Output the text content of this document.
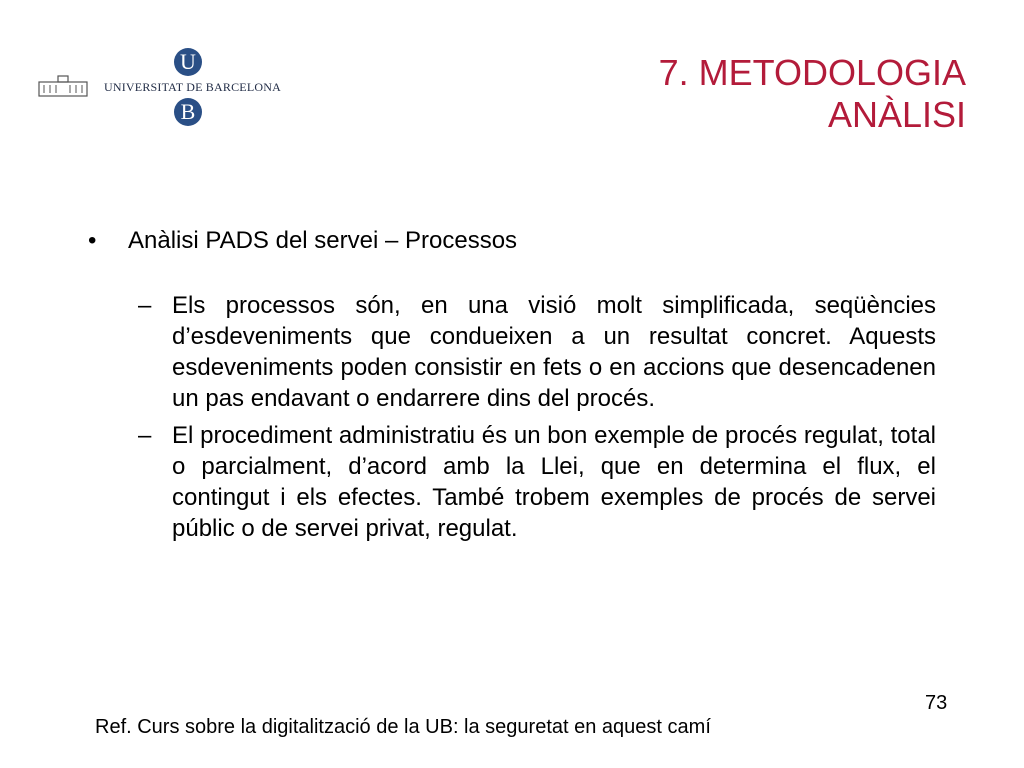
U
UNIVERSITAT DE BARCELONA
B
7. METODOLOGIA
ANÀLISI
•	Anàlisi PADS del servei – Processos
– Els processos són, en una visió molt simplificada, seqüències d’esdeveniments que condueixen a un resultat concret. Aquests esdeveniments poden consistir en fets o en accions que desencadenen un pas endavant o endarrere dins del procés.
– El procediment administratiu és un bon exemple de procés regulat, total o parcialment, d’acord amb la Llei, que en determina el flux, el contingut i els efectes. També trobem exemples de procés de servei públic o de servei privat, regulat.
73
Ref. Curs sobre la digitalització de la UB: la seguretat en aquest camí
